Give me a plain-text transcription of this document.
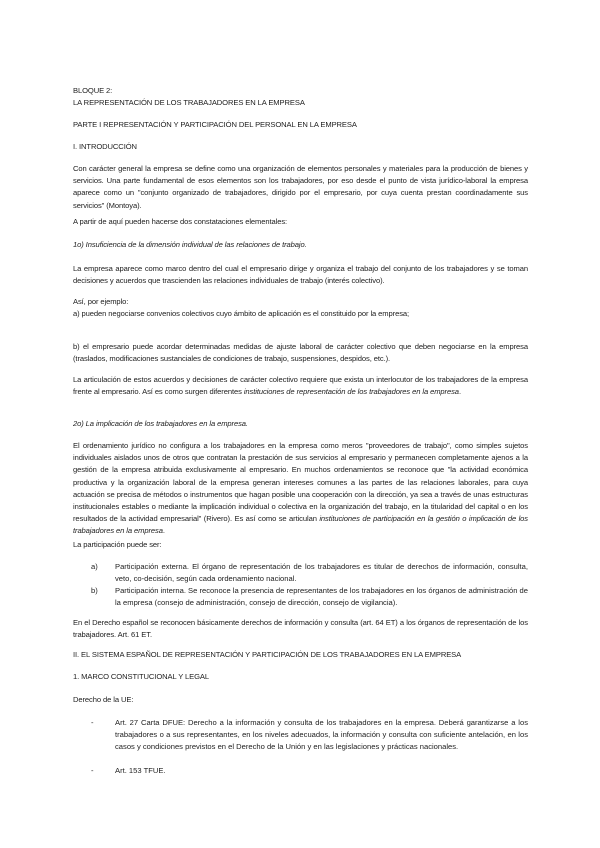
BLOQUE 2:

LA REPRESENTACIÓN DE LOS TRABAJADORES EN LA EMPRESA

PARTE I REPRESENTACIÓN Y PARTICIPACIÓN DEL PERSONAL EN LA EMPRESA

I. INTRODUCCIÓN

Con carácter general la empresa se define como una organización de elementos personales y materiales para la producción de bienes y servicios. Una parte fundamental de esos elementos son los trabajadores, por eso desde el punto de vista jurídico-laboral la empresa aparece como un "conjunto organizado de trabajadores, dirigido por el empresario, por cuya cuenta prestan coordinadamente sus servicios" (Montoya).

A partir de aquí pueden hacerse dos constataciones elementales:

1o) Insuficiencia de la dimensión individual de las relaciones de trabajo.

La empresa aparece como marco dentro del cual el empresario dirige y organiza el trabajo del conjunto de los trabajadores y se toman decisiones y acuerdos que trascienden las relaciones individuales de trabajo (interés colectivo).

Así, por ejemplo:

a) pueden negociarse convenios colectivos cuyo ámbito de aplicación es el constituido por la empresa;

b) el empresario puede acordar determinadas medidas de ajuste laboral de carácter colectivo que deben negociarse en la empresa (traslados, modificaciones sustanciales de condiciones de trabajo, suspensiones, despidos, etc.).

La articulación de estos acuerdos y decisiones de carácter colectivo requiere que exista un interlocutor de los trabajadores de la empresa frente al empresario. Así es como surgen diferentes instituciones de representación de los trabajadores en la empresa.

2o) La implicación de los trabajadores en la empresa.

El ordenamiento jurídico no configura a los trabajadores en la empresa como meros "proveedores de trabajo", como simples sujetos individuales aislados unos de otros que contratan la prestación de sus servicios al empresario y permanecen completamente ajenos a la gestión de la empresa atribuida exclusivamente al empresario. En muchos ordenamientos se reconoce que "la actividad económica productiva y la organización laboral de la empresa generan intereses comunes a las partes de las relaciones laborales, para cuya actuación se precisa de métodos o instrumentos que hagan posible una cooperación con la dirección, ya sea a través de unas estructuras institucionales estables o mediante la implicación individual o colectiva en la organización del trabajo, en la titularidad del capital o en los resultados de la actividad empresarial" (Rivero). Es así como se articulan instituciones de participación en la gestión o implicación de los trabajadores en la empresa.

La participación puede ser:

a) Participación externa. El órgano de representación de los trabajadores es titular de derechos de información, consulta, veto, co-decisión, según cada ordenamiento nacional.

b) Participación interna. Se reconoce la presencia de representantes de los trabajadores en los órganos de administración de la empresa (consejo de administración, consejo de dirección, consejo de vigilancia).

En el Derecho español se reconocen básicamente derechos de información y consulta (art. 64 ET) a los órganos de representación de los trabajadores. Art. 61 ET.

II. EL SISTEMA ESPAÑOL DE REPRESENTACIÓN Y PARTICIPACIÓN DE LOS TRABAJADORES EN LA EMPRESA

1. MARCO CONSTITUCIONAL Y LEGAL

Derecho de la UE:

-	Art. 27 Carta DFUE: Derecho a la información y consulta de los trabajadores en la empresa. Deberá garantizarse a los trabajadores o a sus representantes, en los niveles adecuados, la información y consulta con suficiente antelación, en los casos y condiciones previstos en el Derecho de la Unión y en las legislaciones y prácticas nacionales.

-	Art. 153 TFUE.
